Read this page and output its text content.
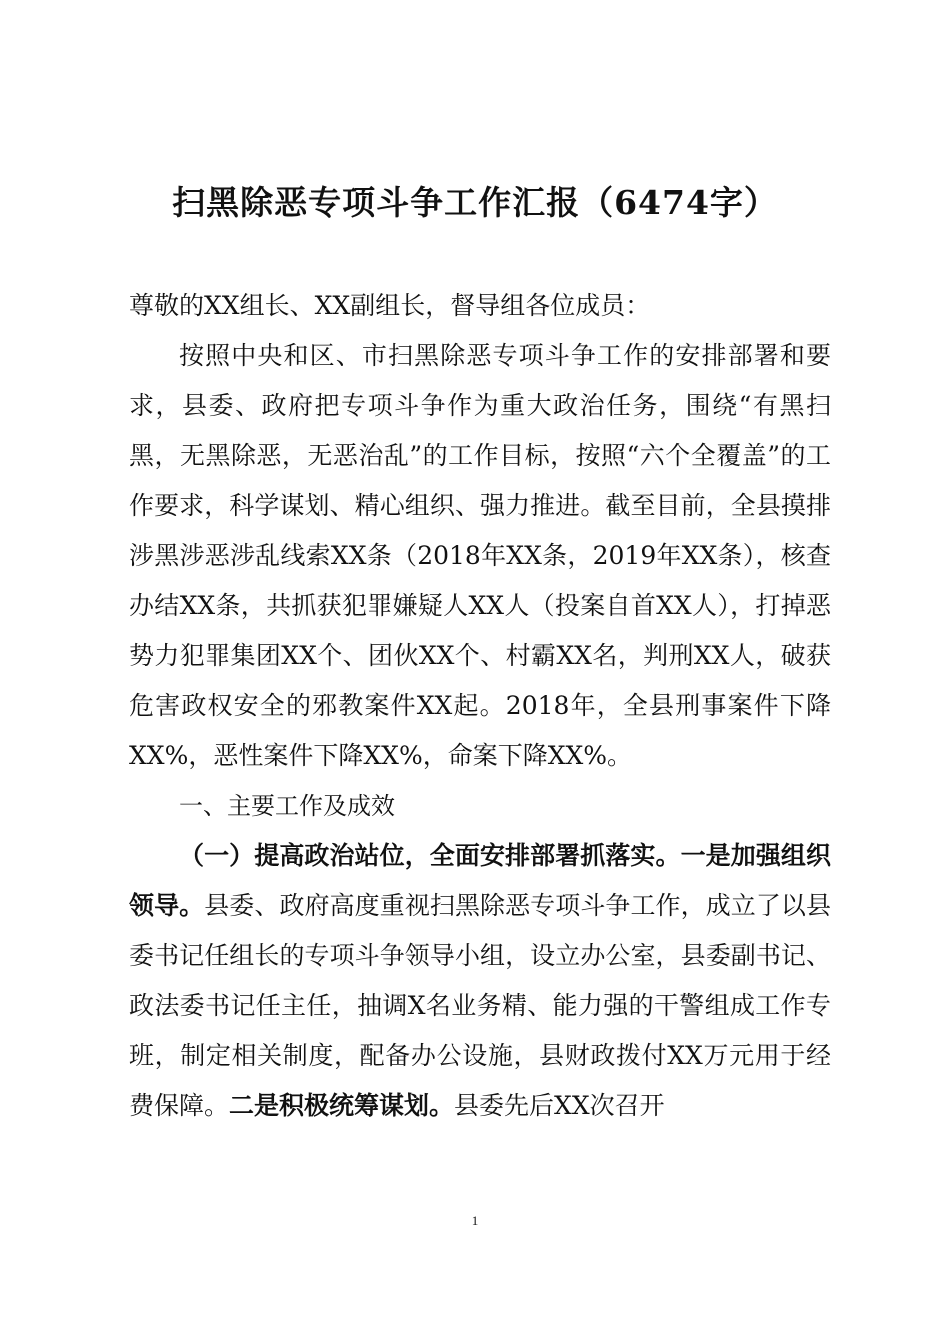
扫黑除恶专项斗争工作汇报（6474字）

尊敬的XX组长、XX副组长，督导组各位成员：

按照中央和区、市扫黑除恶专项斗争工作的安排部署和要求，县委、政府把专项斗争作为重大政治任务，围绕“有黑扫黑，无黑除恶，无恶治乱”的工作目标，按照“六个全覆盖”的工作要求，科学谋划、精心组织、强力推进。截至目前，全县摸排涉黑涉恶涉乱线索XX条（2018年XX条，2019年XX条），核查办结XX条，共抓获犯罪嫌疑人XX人（投案自首XX人），打掉恶势力犯罪集团XX个、团伙XX个、村霸XX名，判刑XX人，破获危害政权安全的邪教案件XX起。2018年，全县刑事案件下降XX%，恶性案件下降XX%，命案下降XX%。

一、主要工作及成效

（一）提高政治站位，全面安排部署抓落实。一是加强组织领导。县委、政府高度重视扫黑除恶专项斗争工作，成立了以县委书记任组长的专项斗争领导小组，设立办公室，县委副书记、政法委书记任主任，抽调X名业务精、能力强的干警组成工作专班，制定相关制度，配备办公设施，县财政拨付XX万元用于经费保障。二是积极统筹谋划。县委先后XX次召开

1
